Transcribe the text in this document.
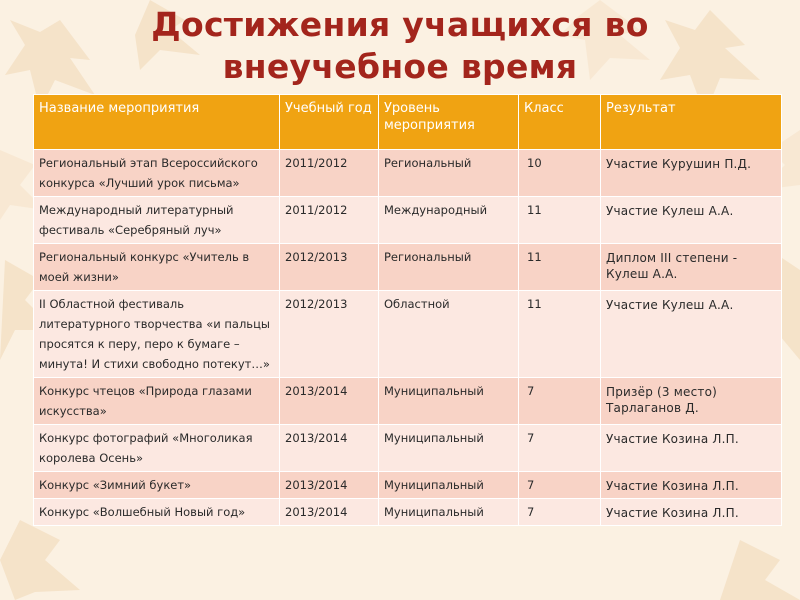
Достижения учащихся во
внеучебное время
Название мероприятия	Учебный год	Уровень мероприятия	Класс	Результат
Региональный этап Всероссийского конкурса «Лучший урок письма»	2011/2012	Региональный	10	Участие Курушин П.Д.
Международный литературный фестиваль «Серебряный луч»	2011/2012	Международный	11	Участие Кулеш А.А.
Региональный конкурс «Учитель в моей жизни»	2012/2013	Региональный	11	Диплом III степени - Кулеш А.А.
II Областной фестиваль литературного творчества «и пальцы просятся к перу, перо к бумаге – минута! И стихи свободно потекут…»	2012/2013	Областной	11	Участие Кулеш А.А.
Конкурс чтецов «Природа глазами искусства»	2013/2014	Муниципальный	7	Призёр (3 место) Тарлаганов Д.
Конкурс фотографий «Многоликая королева Осень»	2013/2014	Муниципальный	7	Участие Козина Л.П.
Конкурс «Зимний букет»	2013/2014	Муниципальный	7	Участие Козина Л.П.
Конкурс «Волшебный Новый год»	2013/2014	Муниципальный	7	Участие Козина Л.П.
